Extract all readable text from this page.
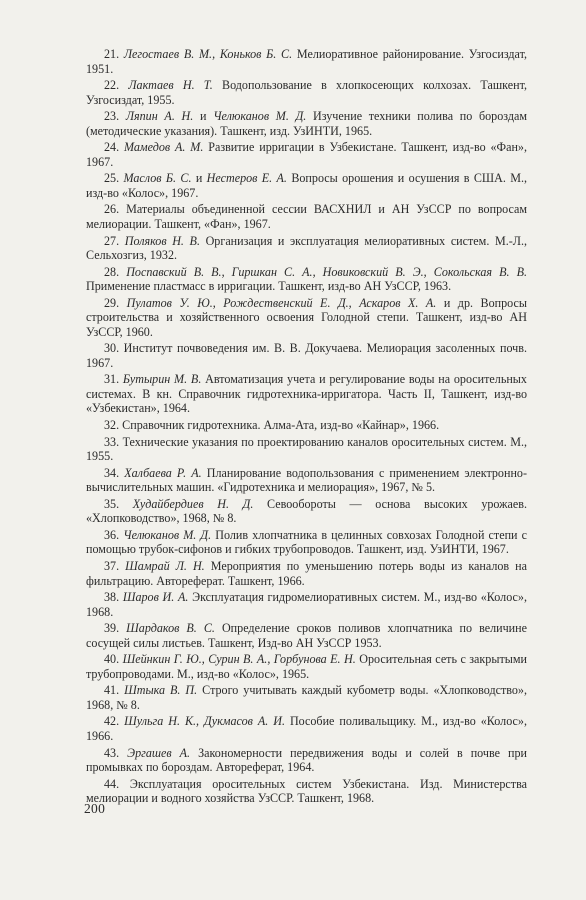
21. Легостаев В. М., Коньков Б. С. Мелиоративное районирование. Узгосиздат, 1951.

22. Лактаев Н. Т. Водопользование в хлопкосеющих колхозах. Ташкент, Узгосиздат, 1955.

23. Ляпин А. Н. и Челюканов М. Д. Изучение техники полива по бороздам (методические указания). Ташкент, изд. УзИНТИ, 1965.

24. Мамедов А. М. Развитие ирригации в Узбекистане. Ташкент, изд-во «Фан», 1967.

25. Маслов Б. С. и Нестеров Е. А. Вопросы орошения и осушения в США. М., изд-во «Колос», 1967.

26. Материалы объединенной сессии ВАСХНИЛ и АН УзССР по вопросам мелиорации. Ташкент, «Фан», 1967.

27. Поляков Н. В. Организация и эксплуатация мелиоративных систем. М.-Л., Сельхозгиз, 1932.

28. Поспавский В. В., Гиршкан С. А., Новиковский В. Э., Сокольская В. В. Применение пластмасс в ирригации. Ташкент, изд-во АН УзССР, 1963.

29. Пулатов У. Ю., Рождественский Е. Д., Аскаров Х. А. и др. Вопросы строительства и хозяйственного освоения Голодной степи. Ташкент, изд-во АН УзССР, 1960.

30. Институт почвоведения им. В. В. Докучаева. Мелиорация засоленных почв. 1967.

31. Бутырин М. В. Автоматизация учета и регулирование воды на оросительных системах. В кн. Справочник гидротехника-ирригатора. Часть II, Ташкент, изд-во «Узбекистан», 1964.

32. Справочник гидротехника. Алма-Ата, изд-во «Кайнар», 1966.

33. Технические указания по проектированию каналов оросительных систем. М., 1955.

34. Халбаева Р. А. Планирование водопользования с применением электронно-вычислительных машин. «Гидротехника и мелиорация», 1967, № 5.

35. Худайбердиев Н. Д. Севообороты — основа высоких урожаев. «Хлопководство», 1968, № 8.

36. Челюканов М. Д. Полив хлопчатника в целинных совхозах Голодной степи с помощью трубок-сифонов и гибких трубопроводов. Ташкент, изд. УзИНТИ, 1967.

37. Шамрай Л. Н. Мероприятия по уменьшению потерь воды из каналов на фильтрацию. Автореферат. Ташкент, 1966.

38. Шаров И. А. Эксплуатация гидромелиоративных систем. М., изд-во «Колос», 1968.

39. Шардаков В. С. Определение сроков поливов хлопчатника по величине сосущей силы листьев. Ташкент, Изд-во АН УзССР 1953.

40. Шейнкин Г. Ю., Сурин В. А., Горбунова Е. Н. Оросительная сеть с закрытыми трубопроводами. М., изд-во «Колос», 1965.

41. Штыка В. П. Строго учитывать каждый кубометр воды. «Хлопководство», 1968, № 8.

42. Шульга Н. К., Дукмасов А. И. Пособие поливальщику. М., изд-во «Колос», 1966.

43. Эргашев А. Закономерности передвижения воды и солей в почве при промывках по бороздам. Автореферат, 1964.

44. Эксплуатация оросительных систем Узбекистана. Изд. Министерства мелиорации и водного хозяйства УзССР. Ташкент, 1968.

200
